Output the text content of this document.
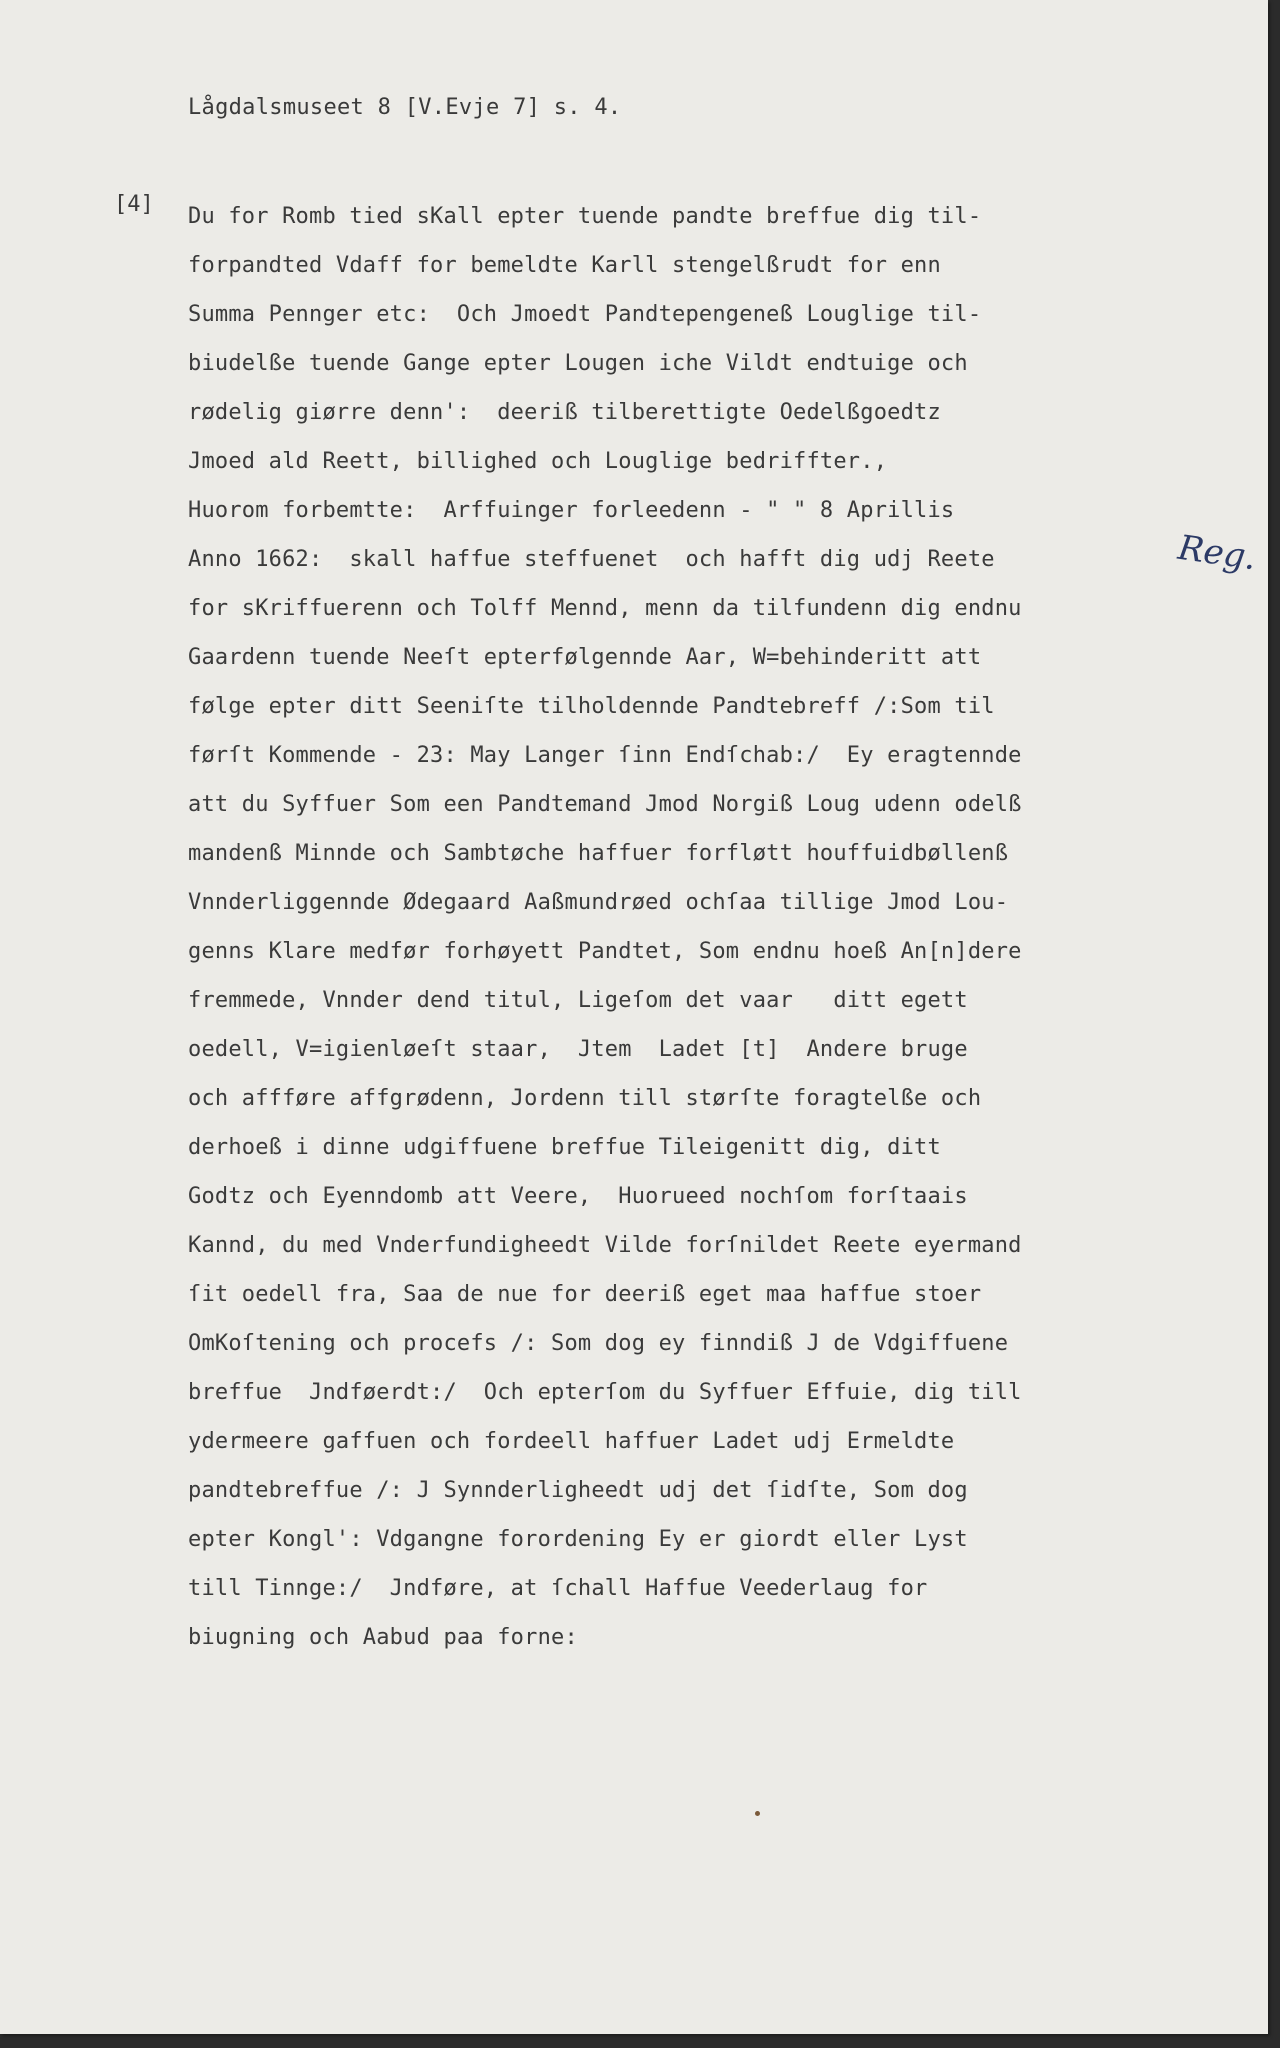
Lågdalsmuseet 8 [V.Evje 7] s. 4.
[4] Du for Romb tied sKall epter tuende pandte breffue dig til-
forpandted Vdaff for bemeldte Karll stengelßrudt for enn
Summa Pennger etc:  Och Jmoedt Pandtepengeneß Louglige til-
biudelße tuende Gange epter Lougen iche Vildt endtuige och
rødelig giørre denn':  deeriß tilberettigte Oedelßgoedtz
Jmoed ald Reett, billighed och Louglige bedriffter.,
Huorom forbemtte:  Arffuinger forleedenn - " " 8 Aprillis
Anno 1662:  skall haffue steffuenet  och hafft dig udj Reete
for sKriffuerenn och Tolff Mennd, menn da tilfundenn dig endnu
Gaardenn tuende Neeſt epterfølgennde Aar, W=behinderitt att
følge epter ditt Seeniſte tilholdennde Pandtebreff /:Som til
førſt Kommende - 23: May Langer ſinn Endſchab:/  Ey eragtennde
att du Syffuer Som een Pandtemand Jmod Norgiß Loug udenn odelß
mandenß Minnde och Sambtøche haffuer forfløtt houffuidbøllenß
Vnnderliggennde Ødegaard Aaßmundrøed ochſaa tillige Jmod Lou-
genns Klare medfør forhøyett Pandtet, Som endnu hoeß An[n]dere
fremmede, Vnnder dend titul, Ligeſom det vaar   ditt egett
oedell, V=igienløeſt staar,  Jtem  Ladet [t]  Andere bruge
och affføre affgrødenn, Jordenn till størſte foragtelße och
derhoeß i dinne udgiffuene breffue Tileigenitt dig, ditt
Godtz och Eyenndomb att Veere,  Huorueed nochſom forſtaais
Kannd, du med Vnderfundigheedt Vilde forſnildet Reete eyermand
ſit oedell fra, Saa de nue for deeriß eget maa haffue stoer
OmKoſtening och procefs /: Som dog ey finndiß J de Vdgiffuene
breffue  Jndføerdt:/  Och epterſom du Syffuer Effuie, dig till
ydermeere gaffuen och fordeell haffuer Ladet udj Ermeldte
pandtebreffue /: J Synnderligheedt udj det ſidſte, Som dog
epter Kongl': Vdgangne forordening Ey er giordt eller Lyst
till Tinnge:/  Jndføre, at ſchall Haffue Veederlaug for
biugning och Aabud paa forne:
Reg.
